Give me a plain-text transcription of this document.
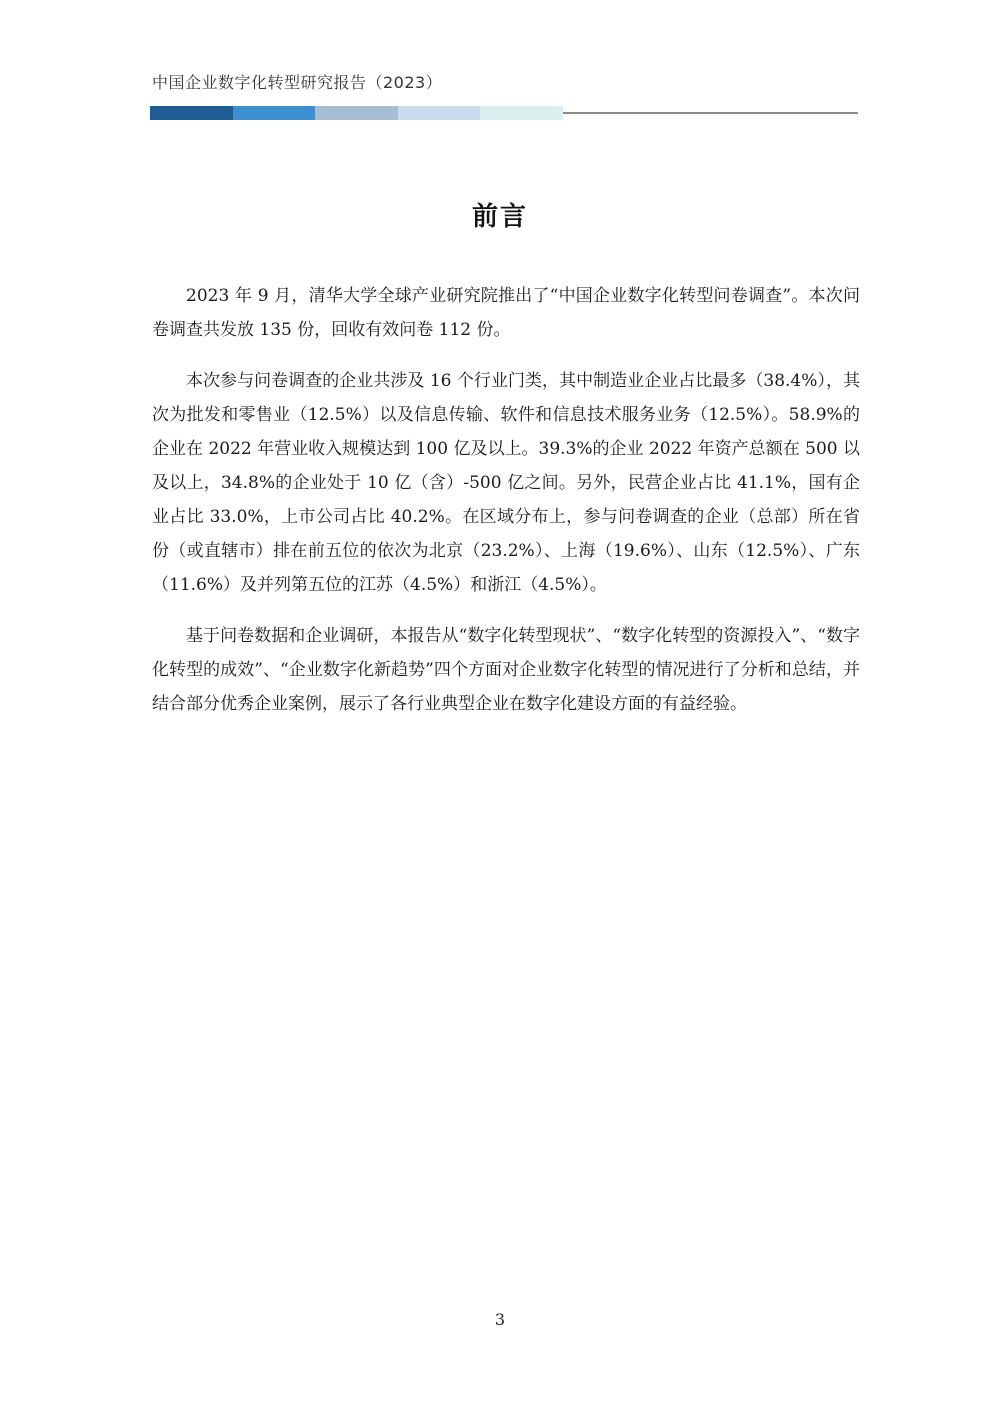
中国企业数字化转型研究报告（2023）
前言

2023 年 9 月，清华大学全球产业研究院推出了“中国企业数字化转型问卷调查”。本次问卷调查共发放 135 份，回收有效问卷 112 份。

本次参与问卷调查的企业共涉及 16 个行业门类，其中制造业企业占比最多（38.4%），其次为批发和零售业（12.5%）以及信息传输、软件和信息技术服务业务（12.5%）。58.9%的企业在 2022 年营业收入规模达到 100 亿及以上。39.3%的企业 2022 年资产总额在 500 以及以上，34.8%的企业处于 10 亿（含）-500 亿之间。另外，民营企业占比 41.1%，国有企业占比 33.0%，上市公司占比 40.2%。在区域分布上，参与问卷调查的企业（总部）所在省份（或直辖市）排在前五位的依次为北京（23.2%）、上海（19.6%）、山东（12.5%）、广东（11.6%）及并列第五位的江苏（4.5%）和浙江（4.5%）。

基于问卷数据和企业调研，本报告从“数字化转型现状”、“数字化转型的资源投入”、“数字化转型的成效”、“企业数字化新趋势”四个方面对企业数字化转型的情况进行了分析和总结，并结合部分优秀企业案例，展示了各行业典型企业在数字化建设方面的有益经验。

3
